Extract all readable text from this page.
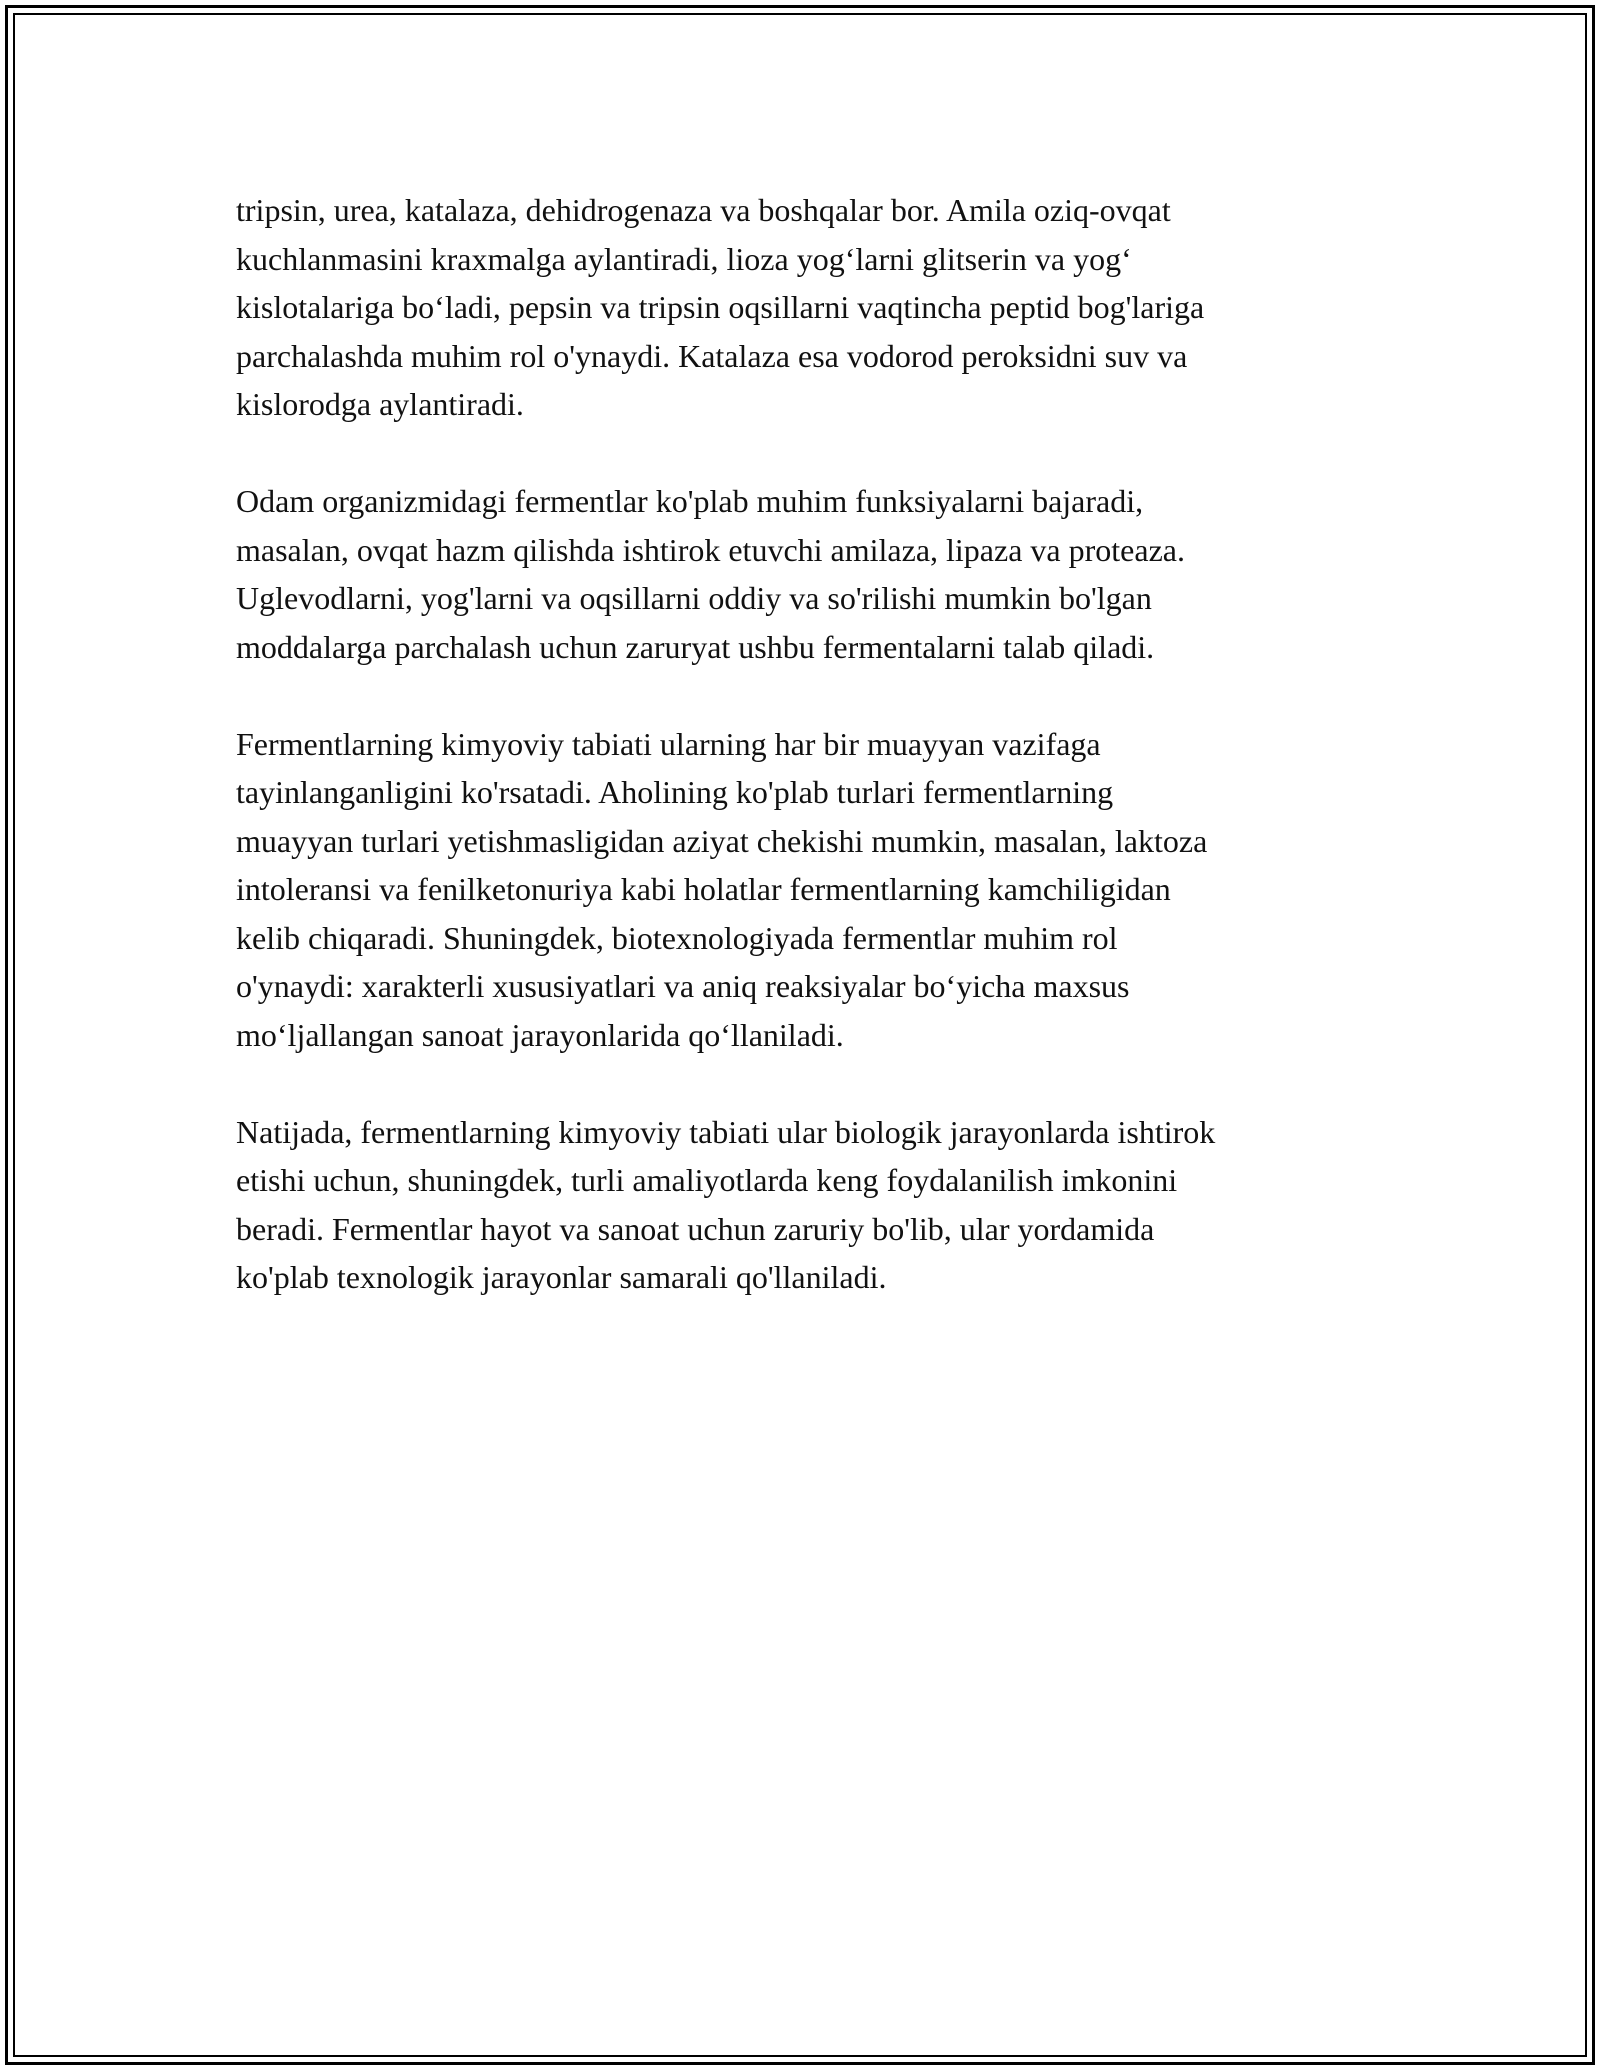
tripsin, urea, katalaza, dehidrogenaza va boshqalar bor. Amila oziq-ovqat
kuchlanmasini kraxmalga aylantiradi, lioza yog‘larni glitserin va yog‘
kislotalariga bo‘ladi, pepsin va tripsin oqsillarni vaqtincha peptid bog'lariga
parchalashda muhim rol o'ynaydi. Katalaza esa vodorod peroksidni suv va
kislorodga aylantiradi.

Odam organizmidagi fermentlar ko'plab muhim funksiyalarni bajaradi,
masalan, ovqat hazm qilishda ishtirok etuvchi amilaza, lipaza va proteaza.
Uglevodlarni, yog'larni va oqsillarni oddiy va so'rilishi mumkin bo'lgan
moddalarga parchalash uchun zaruryat ushbu fermentalarni talab qiladi.

Fermentlarning kimyoviy tabiati ularning har bir muayyan vazifaga
tayinlanganligini ko'rsatadi. Aholining ko'plab turlari fermentlarning
muayyan turlari yetishmasligidan aziyat chekishi mumkin, masalan, laktoza
intoleransi va fenilketonuriya kabi holatlar fermentlarning kamchiligidan
kelib chiqaradi. Shuningdek, biotexnologiyada fermentlar muhim rol
o'ynaydi: xarakterli xususiyatlari va aniq reaksiyalar bo‘yicha maxsus
mo‘ljallangan sanoat jarayonlarida qo‘llaniladi.

Natijada, fermentlarning kimyoviy tabiati ular biologik jarayonlarda ishtirok
etishi uchun, shuningdek, turli amaliyotlarda keng foydalanilish imkonini
beradi. Fermentlar hayot va sanoat uchun zaruriy bo'lib, ular yordamida
ko'plab texnologik jarayonlar samarali qo'llaniladi.
